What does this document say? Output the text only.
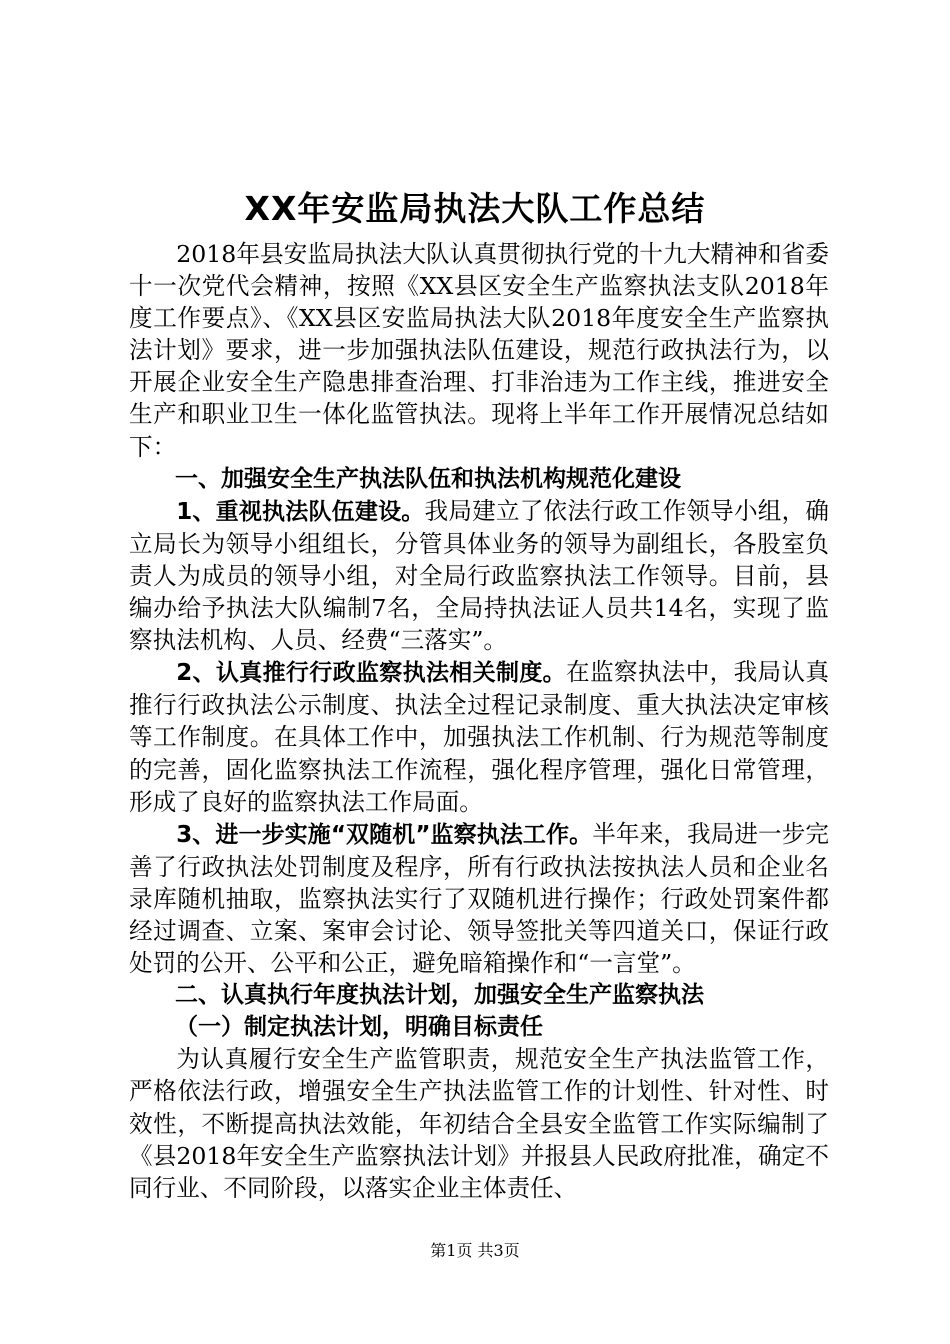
XX年安监局执法大队工作总结

2018年县安监局执法大队认真贯彻执行党的十九大精神和省委十一次党代会精神，按照《XX县区安全生产监察执法支队2018年度工作要点》、《XX县区安监局执法大队2018年度安全生产监察执法计划》要求，进一步加强执法队伍建设，规范行政执法行为，以开展企业安全生产隐患排查治理、打非治违为工作主线，推进安全生产和职业卫生一体化监管执法。现将上半年工作开展情况总结如下：

一、加强安全生产执法队伍和执法机构规范化建设

1、重视执法队伍建设。我局建立了依法行政工作领导小组，确立局长为领导小组组长，分管具体业务的领导为副组长，各股室负责人为成员的领导小组，对全局行政监察执法工作领导。目前，县编办给予执法大队编制7名，全局持执法证人员共14名，实现了监察执法机构、人员、经费“三落实”。

2、认真推行行政监察执法相关制度。在监察执法中，我局认真推行行政执法公示制度、执法全过程记录制度、重大执法决定审核等工作制度。在具体工作中，加强执法工作机制、行为规范等制度的完善，固化监察执法工作流程，强化程序管理，强化日常管理，形成了良好的监察执法工作局面。

3、进一步实施“双随机”监察执法工作。半年来，我局进一步完善了行政执法处罚制度及程序，所有行政执法按执法人员和企业名录库随机抽取，监察执法实行了双随机进行操作；行政处罚案件都经过调查、立案、案审会讨论、领导签批关等四道关口，保证行政处罚的公开、公平和公正，避免暗箱操作和“一言堂”。

二、认真执行年度执法计划，加强安全生产监察执法

（一）制定执法计划，明确目标责任

为认真履行安全生产监管职责，规范安全生产执法监管工作，严格依法行政，增强安全生产执法监管工作的计划性、针对性、时效性，不断提高执法效能，年初结合全县安全监管工作实际编制了《县2018年安全生产监察执法计划》并报县人民政府批准，确定不同行业、不同阶段，以落实企业主体责任、

第1页 共3页
